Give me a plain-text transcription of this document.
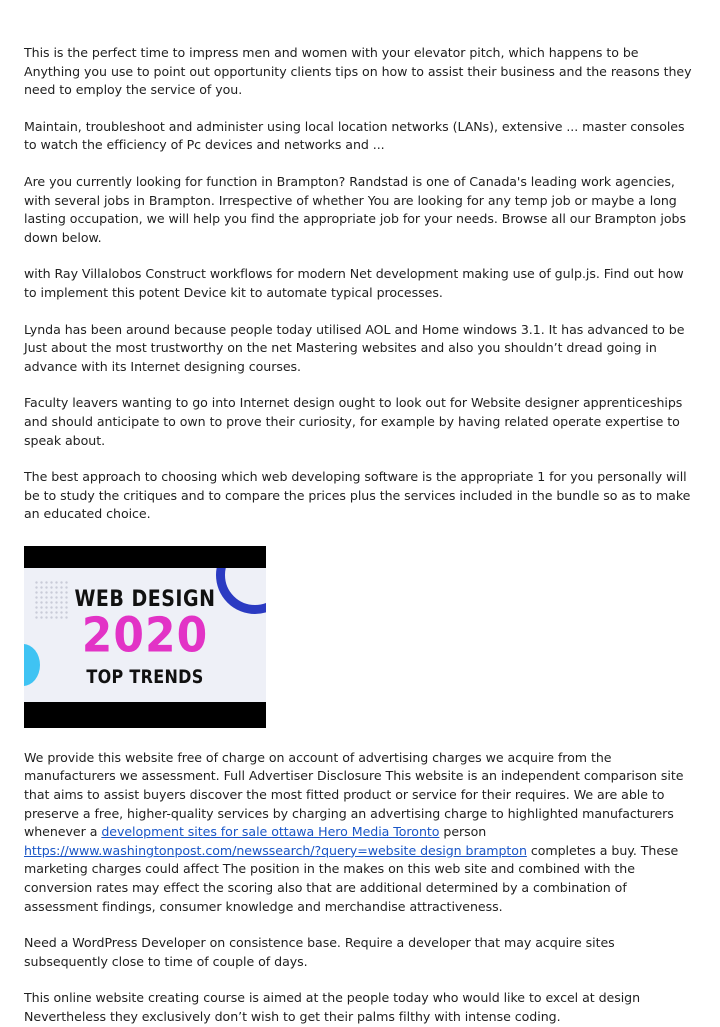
This is the perfect time to impress men and women with your elevator pitch, which happens to be Anything you use to point out opportunity clients tips on how to assist their business and the reasons they need to employ the service of you.

Maintain, troubleshoot and administer using local location networks (LANs), extensive ... master consoles to watch the efficiency of Pc devices and networks and ...

Are you currently looking for function in Brampton? Randstad is one of Canada's leading work agencies, with several jobs in Brampton. Irrespective of whether You are looking for any temp job or maybe a long lasting occupation, we will help you find the appropriate job for your needs. Browse all our Brampton jobs down below.

with Ray Villalobos Construct workflows for modern Net development making use of gulp.js. Find out how to implement this potent Device kit to automate typical processes.

Lynda has been around because people today utilised AOL and Home windows 3.1. It has advanced to be Just about the most trustworthy on the net Mastering websites and also you shouldn’t dread going in advance with its Internet designing courses.

Faculty leavers wanting to go into Internet design ought to look out for Website designer apprenticeships and should anticipate to own to prove their curiosity, for example by having related operate expertise to speak about.

The best approach to choosing which web developing software is the appropriate 1 for you personally will be to study the critiques and to compare the prices plus the services included in the bundle so as to make an educated choice.

WEB DESIGN
2020
TOP TRENDS

We provide this website free of charge on account of advertising charges we acquire from the manufacturers we assessment. Full Advertiser Disclosure This website is an independent comparison site that aims to assist buyers discover the most fitted product or service for their requires. We are able to preserve a free, higher-quality services by charging an advertising charge to highlighted manufacturers whenever a development sites for sale ottawa Hero Media Toronto person https://www.washingtonpost.com/newssearch/?query=website design brampton completes a buy. These marketing charges could affect The position in the makes on this web site and combined with the conversion rates may effect the scoring also that are additional determined by a combination of assessment findings, consumer knowledge and merchandise attractiveness.

Need a WordPress Developer on consistence base. Require a developer that may acquire sites subsequently close to time of couple of days.

This online website creating course is aimed at the people today who would like to excel at design Nevertheless they exclusively don’t wish to get their palms filthy with intense coding.
